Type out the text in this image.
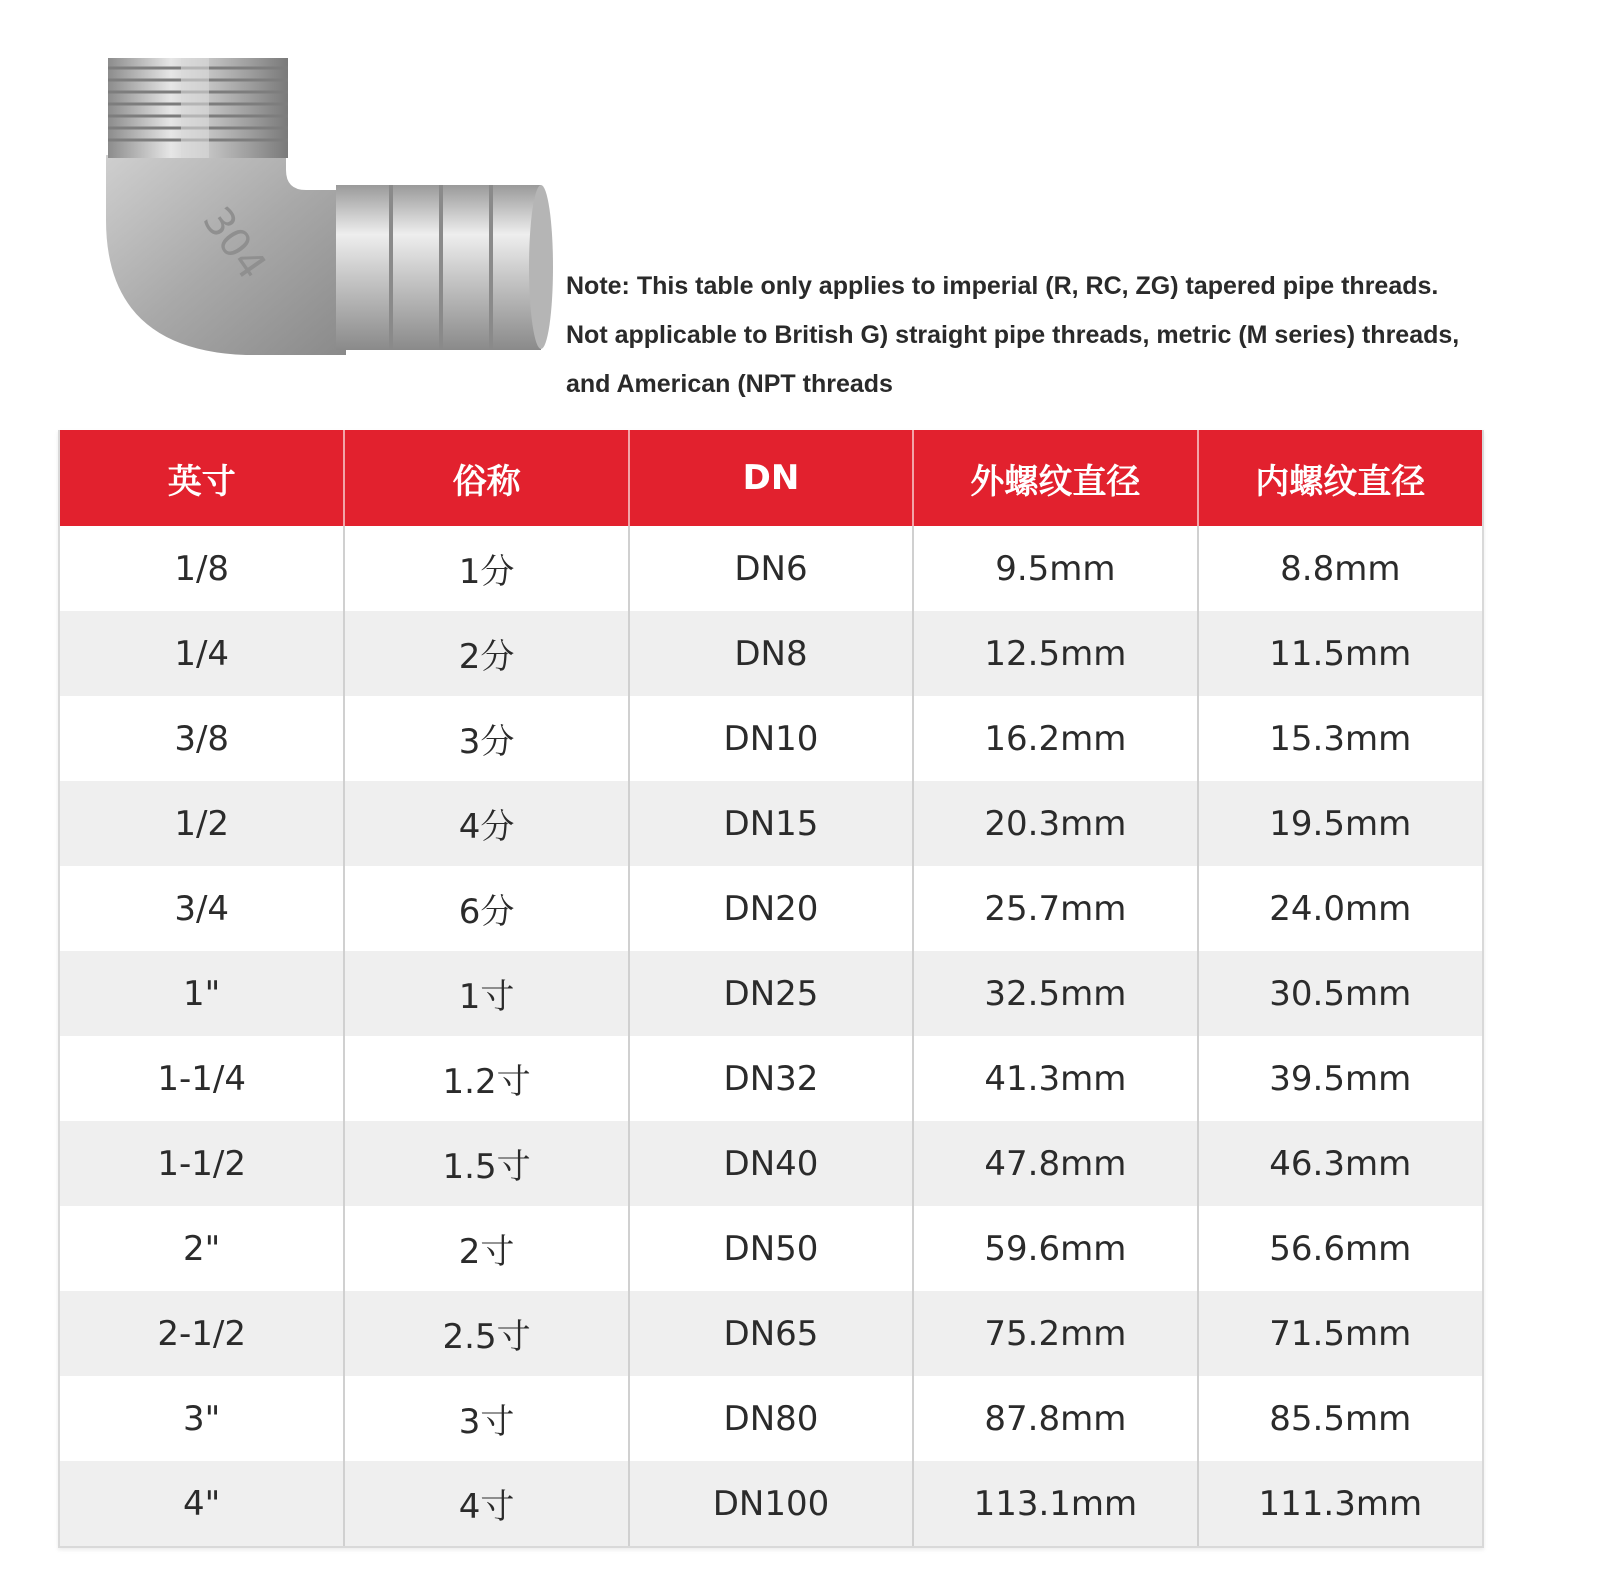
304	Note: This table only applies to imperial (R, RC, ZG) tapered pipe threads.
Not applicable to British G) straight pipe threads, metric (M series) threads,
and American (NPT threads
英寸	俗称	DN	外螺纹直径	内螺纹直径
1/8	1分	DN6	9.5mm	8.8mm
1/4	2分	DN8	12.5mm	11.5mm
3/8	3分	DN10	16.2mm	15.3mm
1/2	4分	DN15	20.3mm	19.5mm
3/4	6分	DN20	25.7mm	24.0mm
1"	1寸	DN25	32.5mm	30.5mm
1-1/4	1.2寸	DN32	41.3mm	39.5mm
1-1/2	1.5寸	DN40	47.8mm	46.3mm
2"	2寸	DN50	59.6mm	56.6mm
2-1/2	2.5寸	DN65	75.2mm	71.5mm
3"	3寸	DN80	87.8mm	85.5mm
4"	4寸	DN100	113.1mm	111.3mm
